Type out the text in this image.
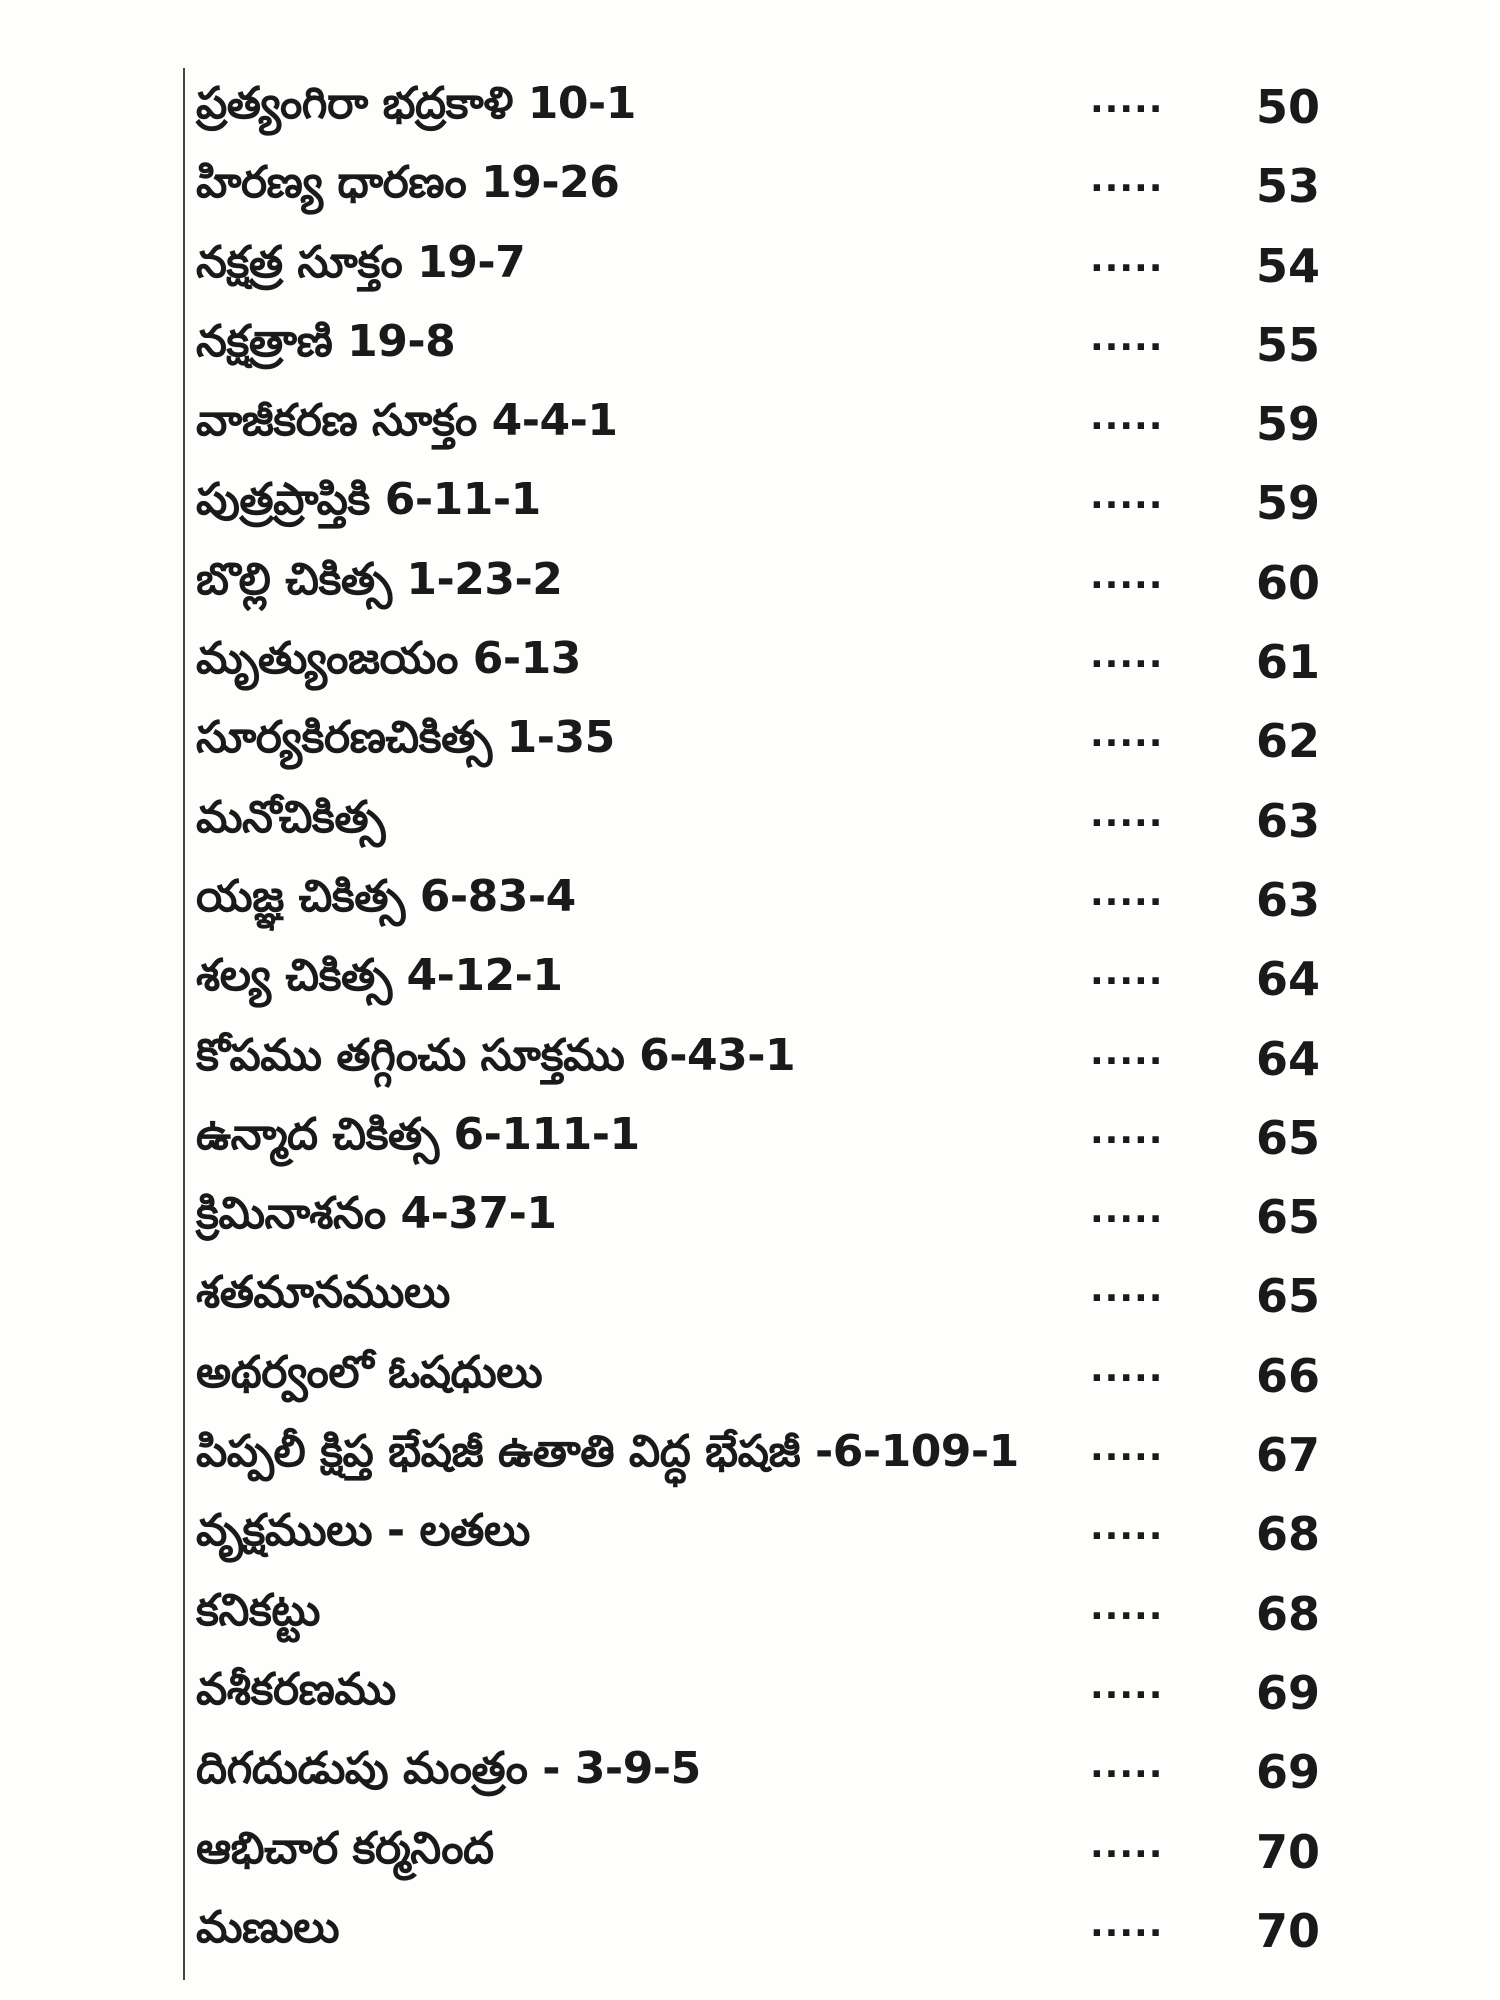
ప్రత్యంగిరా భద్రకాళి 10-1	.....	50
హిరణ్య ధారణం 19-26	.....	53
నక్షత్ర సూక్తం 19-7	.....	54
నక్షత్రాణి 19-8	.....	55
వాజీకరణ సూక్తం 4-4-1	.....	59
పుత్రప్రాప్తికి 6-11-1	.....	59
బొల్లి చికిత్స 1-23-2	.....	60
మృత్యుంజయం 6-13	.....	61
సూర్యకిరణచికిత్స 1-35	.....	62
మనోచికిత్స	.....	63
యజ్ఞ చికిత్స 6-83-4	.....	63
శల్య చికిత్స 4-12-1	.....	64
కోపము తగ్గించు సూక్తము 6-43-1	.....	64
ఉన్మాద చికిత్స 6-111-1	.....	65
క్రిమినాశనం 4-37-1	.....	65
శతమానములు	.....	65
అథర్వంలో ఓషధులు	.....	66
పిప్పలీ క్షిప్త భేషజీ ఉతాతి విద్ధ భేషజీ -6-109-1 .....	67
వృక్షములు - లతలు	.....	68
కనికట్టు	.....	68
వశీకరణము	.....	69
దిగదుడుపు మంత్రం - 3-9-5	.....	69
ఆభిచార కర్మనింద	.....	70
మణులు	.....	70
